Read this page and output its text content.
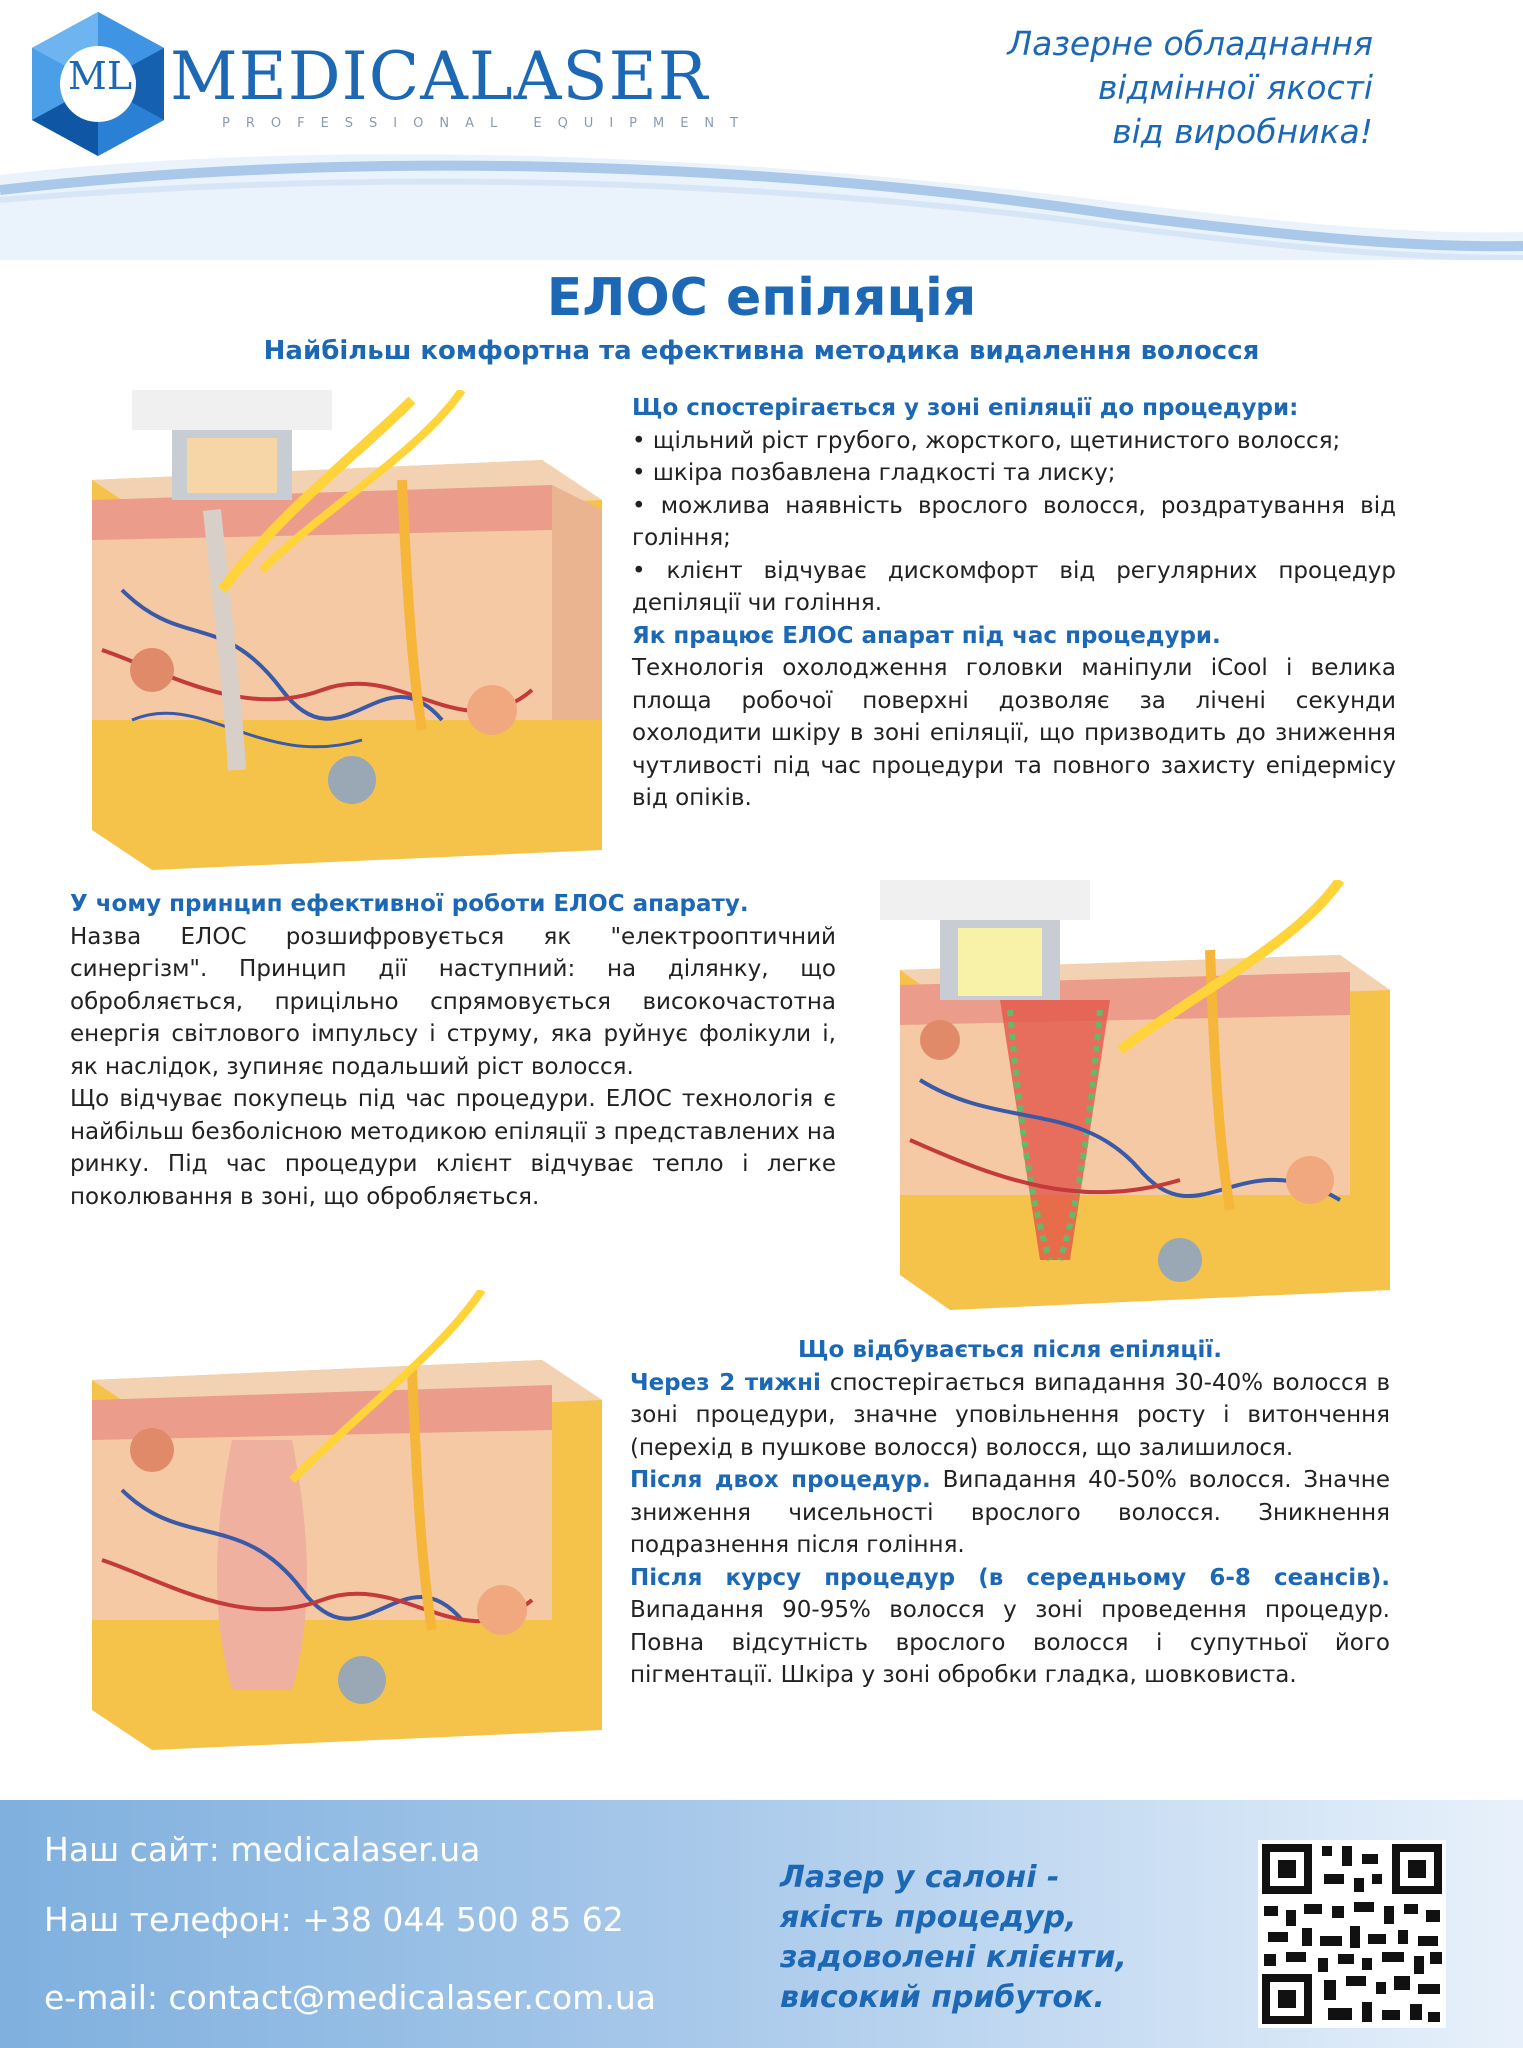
ML MEDICALASER
PROFESSIONAL EQUIPMENT
Лазерне обладнання
відмінної якості
від виробника!
ЕЛОС епіляція
Найбільш комфортна та ефективна методика видалення волосся

Що спостерігається у зоні епіляції до процедури:

• щільний ріст грубого, жорсткого, щетинистого волосся;

• шкіра позбавлена гладкості та лиску;

• можлива наявність врослого волосся, роздратування від гоління;

• клієнт відчуває дискомфорт від регулярних процедур депіляції чи гоління.

Як працює ЕЛОС апарат під час процедури.

Технологія охолодження головки маніпули iCool і велика площа робочої поверхні дозволяє за лічені секунди охолодити шкіру в зоні епіляції, що призводить до зниження чутливості під час процедури та повного захисту епідермісу від опіків.

У чому принцип ефективної роботи ЕЛОС апарату.

Назва ЕЛОС розшифровується як "електрооптичний синергізм". Принцип дії наступний: на ділянку, що обробляється, прицільно спрямовується високочастотна енергія світлового імпульсу і струму, яка руйнує фолікули і, як наслідок, зупиняє подальший ріст волосся.

Що відчуває покупець під час процедури. ЕЛОС технологія є найбільш безболісною методикою епіляції з представлених на ринку. Під час процедури клієнт відчуває тепло і легке поколювання в зоні, що обробляється.

Що відбувається після епіляції.

Через 2 тижні спостерігається випадання 30-40% волосся в зоні процедури, значне уповільнення росту і витончення (перехід в пушкове волосся) волосся, що залишилося.

Після двох процедур. Випадання 40-50% волосся. Значне зниження чисельності врослого волосся. Зникнення подразнення після гоління.

Після курсу процедур (в середньому 6-8 сеансів). Випадання 90-95% волосся у зоні проведення процедур. Повна відсутність врослого волосся і супутньої його пігментації. Шкіра у зоні обробки гладка, шовковиста.

Наш сайт: medicalaser.ua
Наш телефон: +38 044 500 85 62
e-mail: contact@medicalaser.com.ua
Лазер у салоні -
якість процедур,
задоволені клієнти,
високий прибуток.
